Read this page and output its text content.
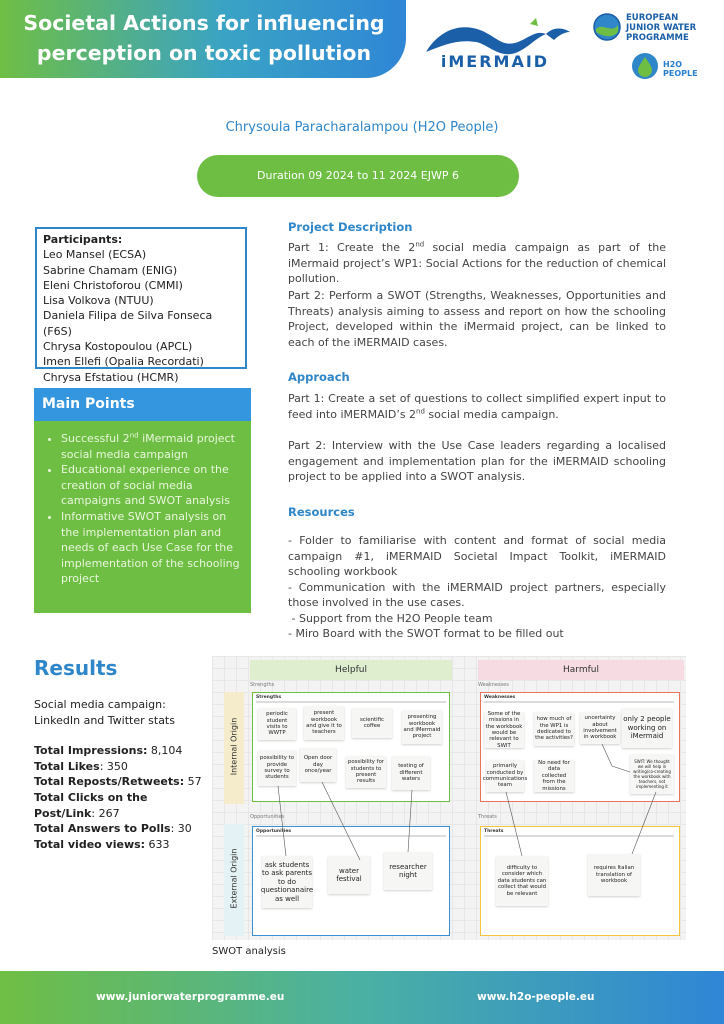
Societal Actions for influencing
perception on toxic pollution	iMERMAID
EUROPEAN
JUNIOR WATER
PROGRAMME
H2O
PEOPLE
Chrysoula Paracharalampou (H2O People)
Duration 09 2024 to 11 2024 EJWP 6
Participants:
Leo Mansel (ECSA)
Sabrine Chamam (ENIG)
Eleni Christoforou (CMMI)
Lisa Volkova (NTUU)
Daniela Filipa de Silva Fonseca (F6S)
Chrysa Kostopoulou (APCL)
Imen Ellefi (Opalia Recordati)
Chrysa Efstatiou (HCMR)
Main Points
• Successful 2nd iMermaid project social media campaign
• Educational experience on the creation of social media campaigns and SWOT analysis
• Informative SWOT analysis on the implementation plan and needs of each Use Case for the implementation of the schooling project
Project Description
Part 1: Create the 2nd social media campaign as part of the iMermaid project’s WP1: Social Actions for the reduction of chemical pollution.
Part 2: Perform a SWOT (Strengths, Weaknesses, Opportunities and Threats) analysis aiming to assess and report on how the schooling Project, developed within the iMermaid project, can be linked to each of the iMERMAID cases.
Approach
Part 1: Create a set of questions to collect simplified expert input to feed into iMERMAID’s 2nd social media campaign.
Part 2: Interview with the Use Case leaders regarding a localised engagement and implementation plan for the iMERMAID schooling project to be applied into a SWOT analysis.
Resources
- Folder to familiarise with content and format of social media campaign #1, iMERMAID Societal Impact Toolkit, iMERMAID schooling workbook
- Communication with the iMERMAID project partners, especially those involved in the use cases.
- Support from the H2O People team
- Miro Board with the SWOT format to be filled out
Results
Social media campaign: LinkedIn and Twitter stats
Total Impressions: 8,104
Total Likes: 350
Total Reposts/Retweets: 57
Total Clicks on the Post/Link: 267
Total Answers to Polls: 30
Total video views: 633
Helpful	Harmful
Strengths	Weaknesses
Opportunities	Threats
Internal Origin
External Origin
Strengths	Weaknesses
Opportunities	Threats
periodic student visits to WWTP
present workbook and give it to teachers
scientific coffee
presenting workbook and iMermaid project
possibility to provide survey to students
Open door day once/year
possibility for students to present results
testing of different waters
Some of the missions in the workbook would be relevant to SWIT
how much of the WP1 is dedicated to the activities?
uncertainty about involvement in workbook
only 2 people working on iMermaid
primarily conducted by communications team
No need for data collected from the missions
SWIT: We thought we will help in writing/co-creating the workbook with teachers, not implementing it
ask students to ask parents to do questionanaire as well
water festival
researcher night
difficulty to consider which data students can collect that would be relevant
requires Italian translation of workbook
SWOT analysis
www.juniorwaterprogramme.eu	www.h2o-people.eu
